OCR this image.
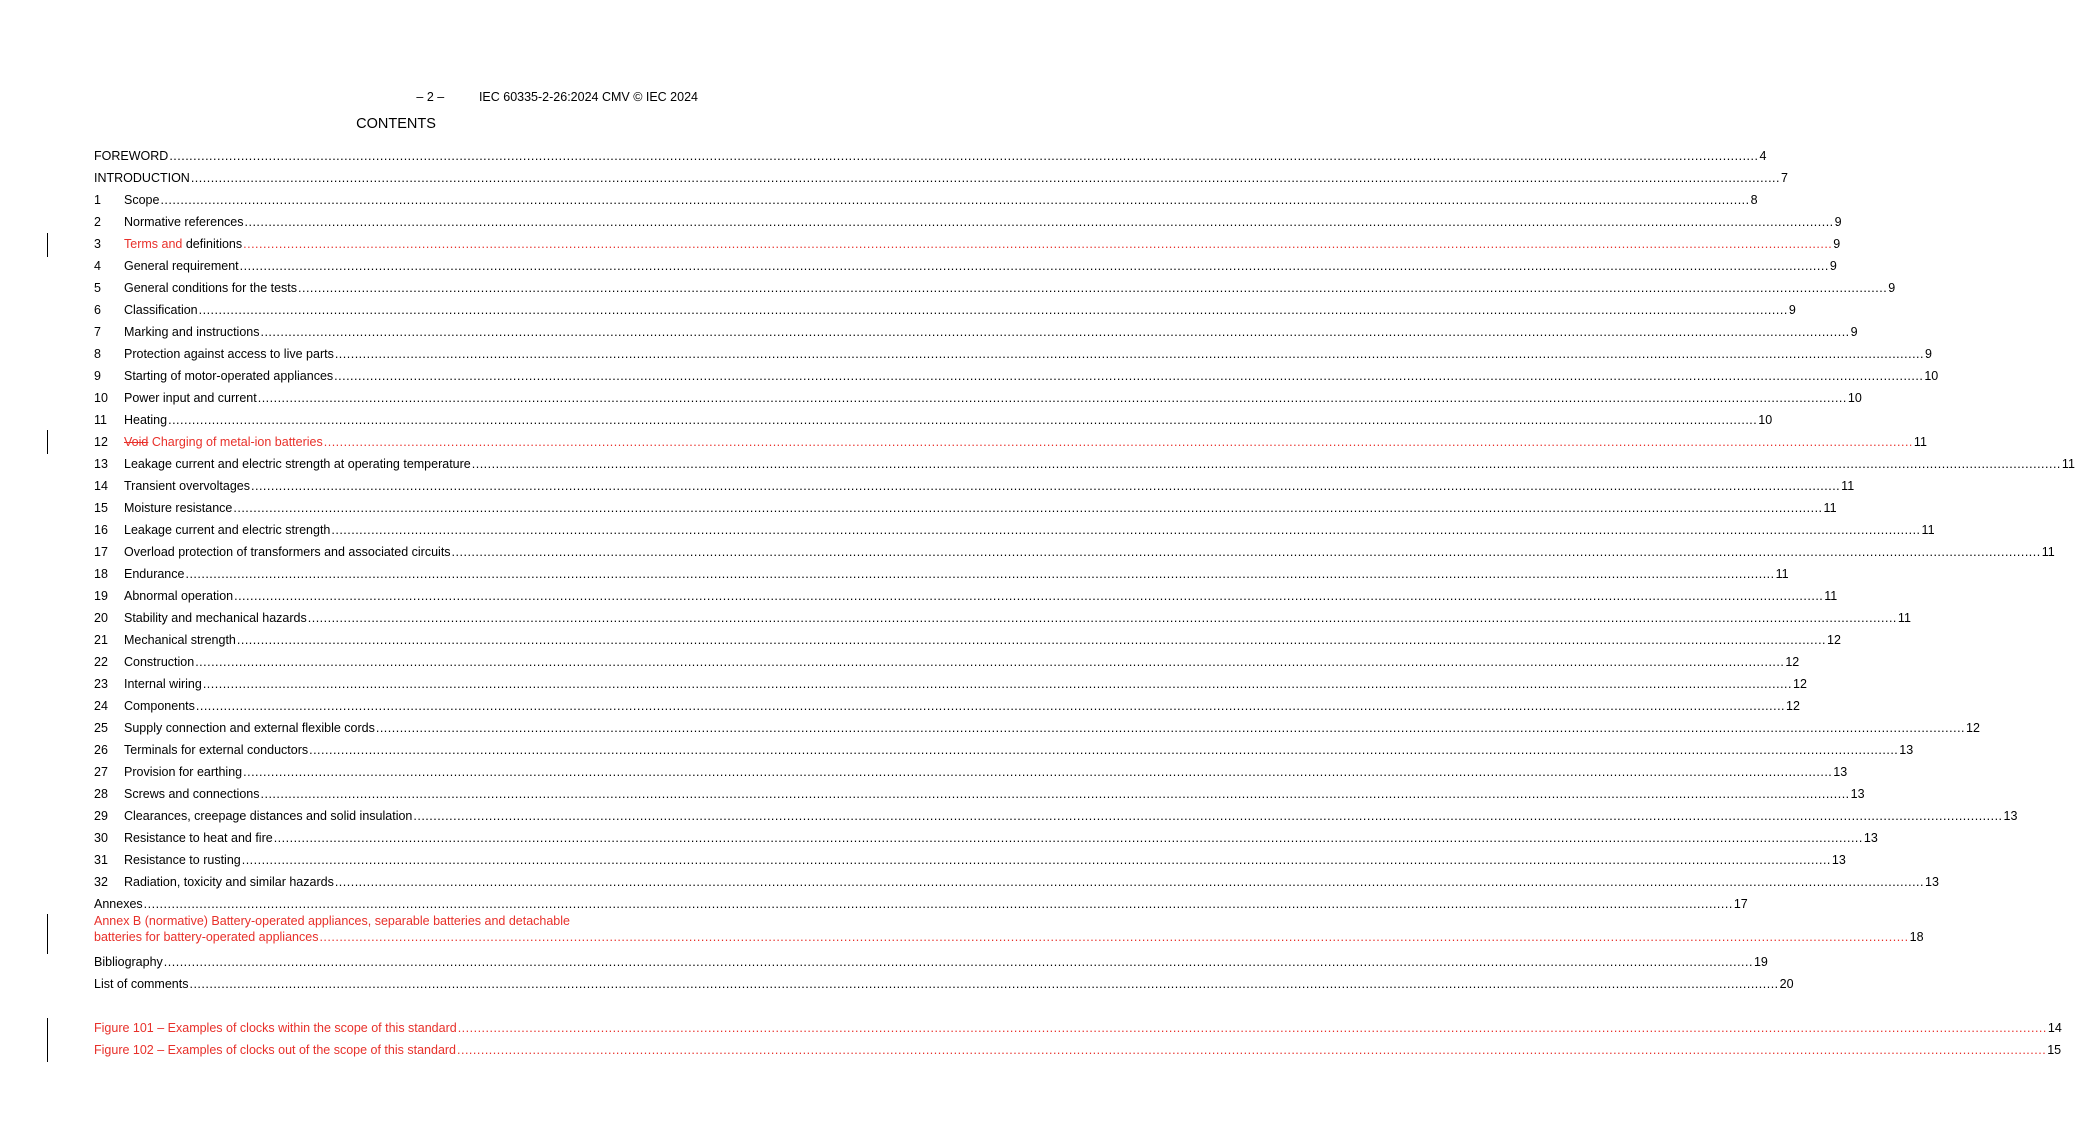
– 2 –	IEC 60335-2-26:2024 CMV © IEC 2024

CONTENTS
FOREWORD ................................................................................................................................................................................................................................................................................................................................................................................................................ 4
INTRODUCTION ................................................................................................................................................................................................................................................................................................................................................................................................................ 7
1	Scope ................................................................................................................................................................................................................................................................................................................................................................................................................ 8
2	Normative references ................................................................................................................................................................................................................................................................................................................................................................................................................ 9
3	Terms and definitions ................................................................................................................................................................................................................................................................................................................................................................................................................ 9
4	General requirement ................................................................................................................................................................................................................................................................................................................................................................................................................ 9
5	General conditions for the tests ................................................................................................................................................................................................................................................................................................................................................................................................................ 9
6	Classification ................................................................................................................................................................................................................................................................................................................................................................................................................ 9
7	Marking and instructions ................................................................................................................................................................................................................................................................................................................................................................................................................ 9
8	Protection against access to live parts ................................................................................................................................................................................................................................................................................................................................................................................................................ 9
9	Starting of motor-operated appliances ................................................................................................................................................................................................................................................................................................................................................................................................................ 10
10	Power input and current ................................................................................................................................................................................................................................................................................................................................................................................................................ 10
11	Heating ................................................................................................................................................................................................................................................................................................................................................................................................................ 10
12	Void Charging of metal-ion batteries ................................................................................................................................................................................................................................................................................................................................................................................................................ 11
13	Leakage current and electric strength at operating temperature ................................................................................................................................................................................................................................................................................................................................................................................................................ 11
14	Transient overvoltages ................................................................................................................................................................................................................................................................................................................................................................................................................ 11
15	Moisture resistance ................................................................................................................................................................................................................................................................................................................................................................................................................ 11
16	Leakage current and electric strength ................................................................................................................................................................................................................................................................................................................................................................................................................ 11
17	Overload protection of transformers and associated circuits ................................................................................................................................................................................................................................................................................................................................................................................................................ 11
18	Endurance ................................................................................................................................................................................................................................................................................................................................................................................................................ 11
19	Abnormal operation ................................................................................................................................................................................................................................................................................................................................................................................................................ 11
20	Stability and mechanical hazards ................................................................................................................................................................................................................................................................................................................................................................................................................ 11
21	Mechanical strength ................................................................................................................................................................................................................................................................................................................................................................................................................ 12
22	Construction ................................................................................................................................................................................................................................................................................................................................................................................................................ 12
23	Internal wiring ................................................................................................................................................................................................................................................................................................................................................................................................................ 12
24	Components ................................................................................................................................................................................................................................................................................................................................................................................................................ 12
25	Supply connection and external flexible cords ................................................................................................................................................................................................................................................................................................................................................................................................................ 12
26	Terminals for external conductors ................................................................................................................................................................................................................................................................................................................................................................................................................ 13
27	Provision for earthing ................................................................................................................................................................................................................................................................................................................................................................................................................ 13
28	Screws and connections ................................................................................................................................................................................................................................................................................................................................................................................................................ 13
29	Clearances, creepage distances and solid insulation ................................................................................................................................................................................................................................................................................................................................................................................................................ 13
30	Resistance to heat and fire ................................................................................................................................................................................................................................................................................................................................................................................................................ 13
31	Resistance to rusting ................................................................................................................................................................................................................................................................................................................................................................................................................ 13
32	Radiation, toxicity and similar hazards ................................................................................................................................................................................................................................................................................................................................................................................................................ 13
Annexes ................................................................................................................................................................................................................................................................................................................................................................................................................ 17
Annex B (normative) Battery-operated appliances, separable batteries and detachable
batteries for battery-operated appliances ................................................................................................................................................................................................................................................................................................................................................................................................................ 18
Bibliography ................................................................................................................................................................................................................................................................................................................................................................................................................ 19
List of comments ................................................................................................................................................................................................................................................................................................................................................................................................................ 20
Figure 101 – Examples of clocks within the scope of this standard ................................................................................................................................................................................................................................................................................................................................................................................................................ 14
Figure 102 – Examples of clocks out of the scope of this standard ................................................................................................................................................................................................................................................................................................................................................................................................................ 15
